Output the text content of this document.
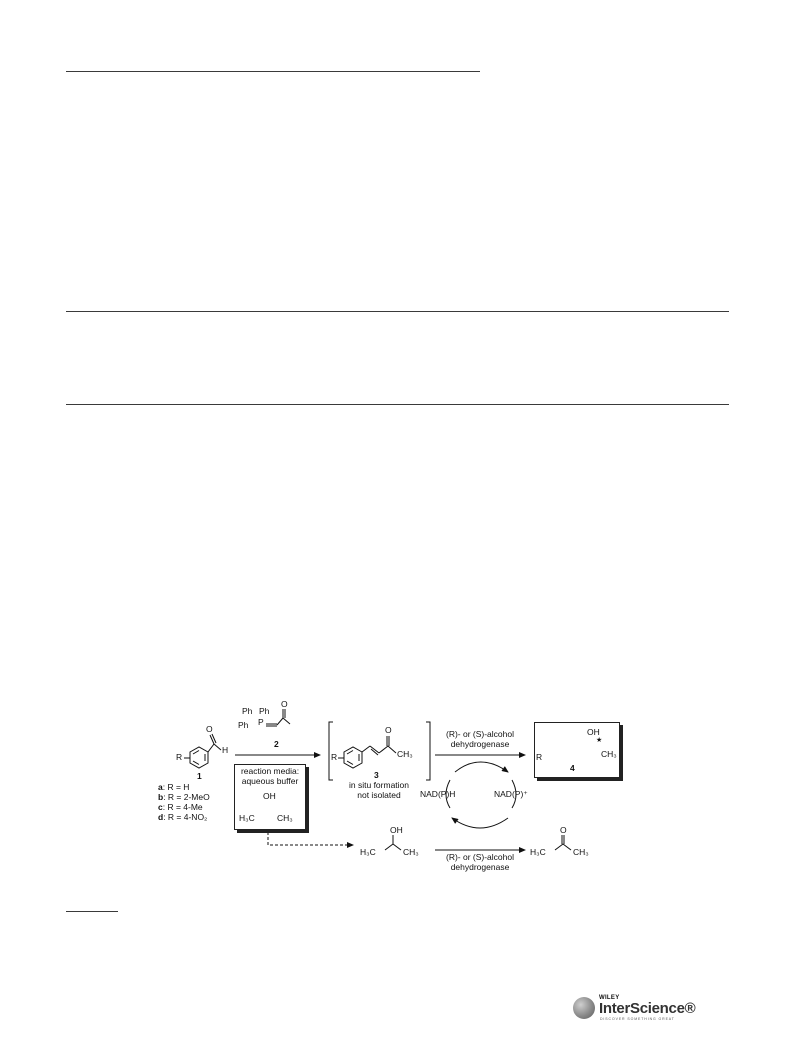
O
H
R
1
a: R = H
b: R = 2-MeO
c: R = 4-Me
d: R = 4-NO₂
Ph Ph
Ph P
O
2
reaction media:
aqueous buffer
OH
H₃C	CH₃
R
O
CH₃
3
in situ formation
not isolated
(R)- or (S)-alcohol
dehydrogenase
NAD(P)H	NAD(P)⁺
(R)- or (S)-alcohol
dehydrogenase
OH
H₃C	CH₃
O
H₃C	CH₃
R
OH
★
CH₃
4
WILEY
InterScience®
DISCOVER SOMETHING GREAT
